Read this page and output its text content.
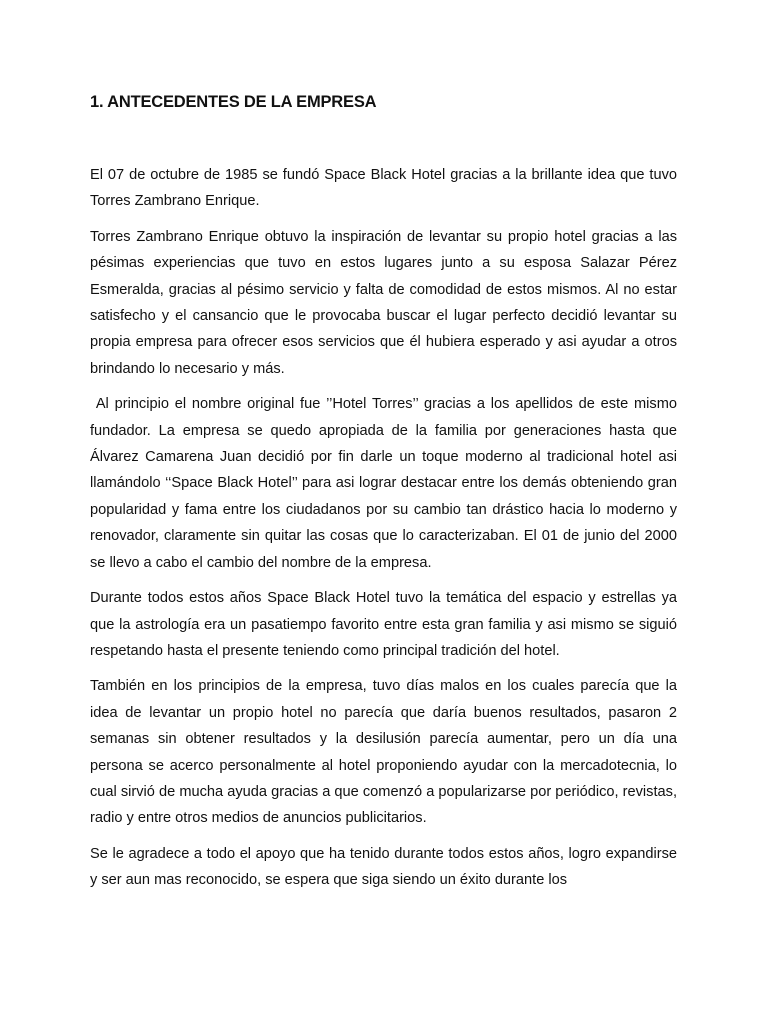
1. ANTECEDENTES DE LA EMPRESA

El 07 de octubre de 1985 se fundó Space Black Hotel gracias a la brillante idea que tuvo Torres Zambrano Enrique.

Torres Zambrano Enrique obtuvo la inspiración de levantar su propio hotel gracias a las pésimas experiencias que tuvo en estos lugares junto a su esposa Salazar Pérez Esmeralda, gracias al pésimo servicio y falta de comodidad de estos mismos. Al no estar satisfecho y el cansancio que le provocaba buscar el lugar perfecto decidió levantar su propia empresa para ofrecer esos servicios que él hubiera esperado y asi ayudar a otros brindando lo necesario y más.

Al principio el nombre original fue ’’Hotel Torres’’ gracias a los apellidos de este mismo fundador. La empresa se quedo apropiada de la familia por generaciones hasta que Álvarez Camarena Juan decidió por fin darle un toque moderno al tradicional hotel asi llamándolo ‘‘Space Black Hotel’’ para asi lograr destacar entre los demás obteniendo gran popularidad y fama entre los ciudadanos por su cambio tan drástico hacia lo moderno y renovador, claramente sin quitar las cosas que lo caracterizaban. El 01 de junio del 2000 se llevo a cabo el cambio del nombre de la empresa.

Durante todos estos años Space Black Hotel tuvo la temática del espacio y estrellas ya que la astrología era un pasatiempo favorito entre esta gran familia y asi mismo se siguió respetando hasta el presente teniendo como principal tradición del hotel.

También en los principios de la empresa, tuvo días malos en los cuales parecía que la idea de levantar un propio hotel no parecía que daría buenos resultados, pasaron 2 semanas sin obtener resultados y la desilusión parecía aumentar, pero un día una persona se acerco personalmente al hotel proponiendo ayudar con la mercadotecnia, lo cual sirvió de mucha ayuda gracias a que comenzó a popularizarse por periódico, revistas, radio y entre otros medios de anuncios publicitarios.

Se le agradece a todo el apoyo que ha tenido durante todos estos años, logro expandirse y ser aun mas reconocido, se espera que siga siendo un éxito durante los
